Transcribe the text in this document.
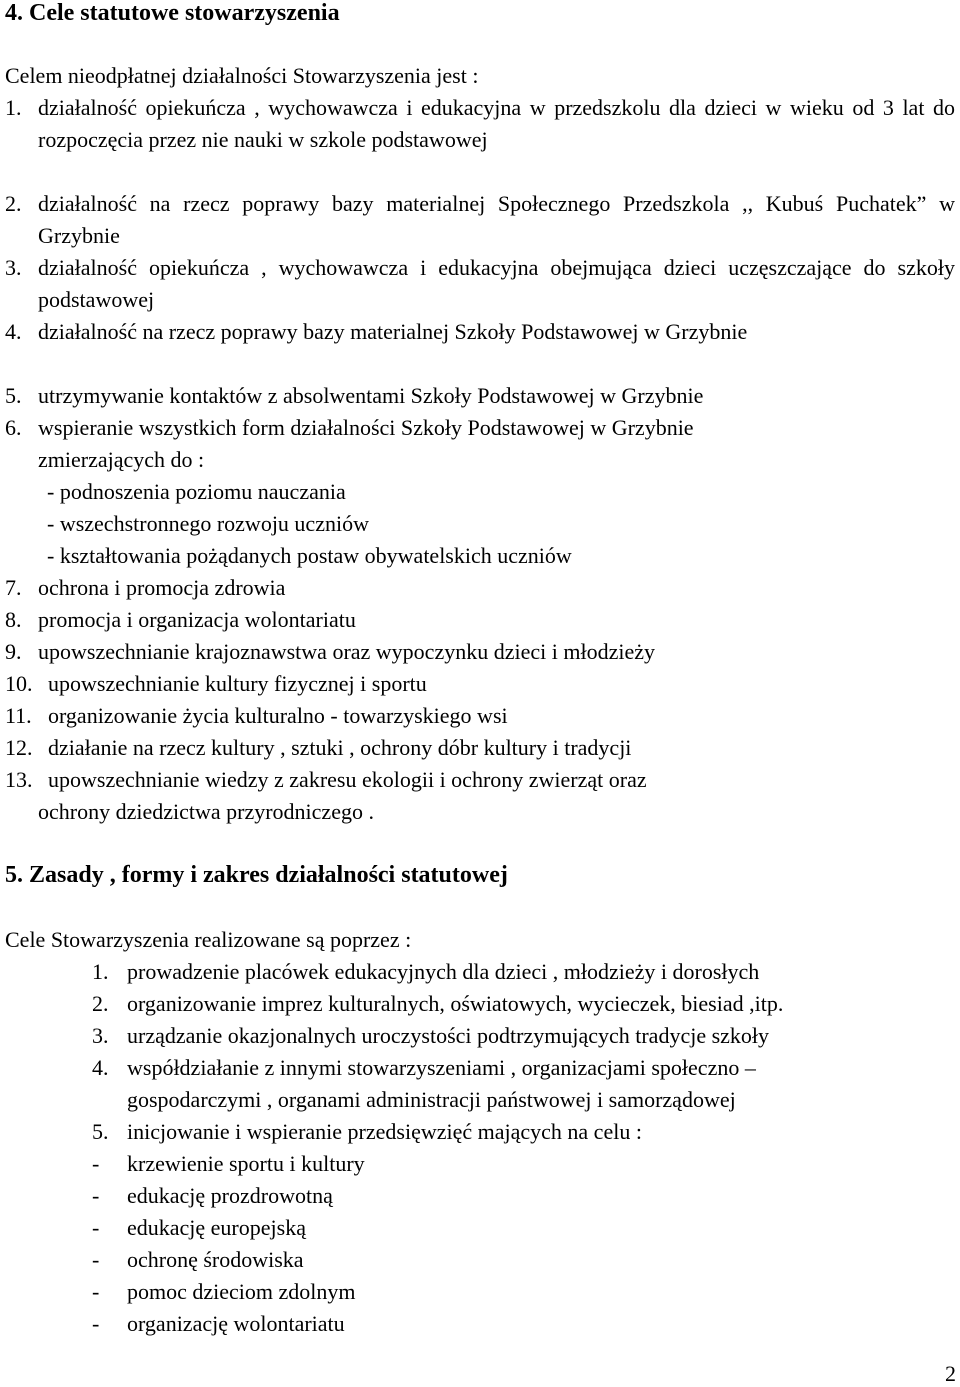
4. Cele statutowe stowarzyszenia
Celem nieodpłatnej działalności Stowarzyszenia jest :
1. działalność opiekuńcza , wychowawcza i edukacyjna w przedszkolu dla dzieci w wieku od 3 lat do rozpoczęcia przez nie nauki w szkole podstawowej
2. działalność na rzecz poprawy bazy materialnej Społecznego Przedszkola ,, Kubuś Puchatek” w Grzybnie
3. działalność opiekuńcza , wychowawcza i edukacyjna obejmująca dzieci uczęszczające do szkoły podstawowej
4. działalność na rzecz poprawy bazy materialnej Szkoły Podstawowej w Grzybnie
5. utrzymywanie kontaktów z absolwentami Szkoły Podstawowej w Grzybnie
6. wspieranie wszystkich form działalności Szkoły Podstawowej w Grzybnie
zmierzających do :
- podnoszenia poziomu nauczania
- wszechstronnego rozwoju uczniów
- kształtowania pożądanych postaw obywatelskich uczniów
7. ochrona i promocja zdrowia
8. promocja i organizacja wolontariatu
9. upowszechnianie krajoznawstwa oraz wypoczynku dzieci i młodzieży
10. upowszechnianie kultury fizycznej i sportu
11. organizowanie życia kulturalno - towarzyskiego wsi
12. działanie na rzecz kultury , sztuki , ochrony dóbr kultury i tradycji
13. upowszechnianie wiedzy z zakresu ekologii i ochrony zwierząt oraz
ochrony dziedzictwa przyrodniczego .
5. Zasady , formy i zakres działalności statutowej
Cele Stowarzyszenia realizowane są poprzez :
1. prowadzenie placówek edukacyjnych dla dzieci , młodzieży i dorosłych
2. organizowanie imprez kulturalnych, oświatowych, wycieczek, biesiad ,itp.
3. urządzanie okazjonalnych uroczystości podtrzymujących tradycje szkoły
4. współdziałanie z innymi stowarzyszeniami , organizacjami społeczno –
gospodarczymi , organami administracji państwowej i samorządowej
5. inicjowanie i wspieranie przedsięwzięć mających na celu :
- krzewienie sportu i kultury
- edukację prozdrowotną
- edukację europejską
- ochronę środowiska
- pomoc dzieciom zdolnym
- organizację wolontariatu
2
